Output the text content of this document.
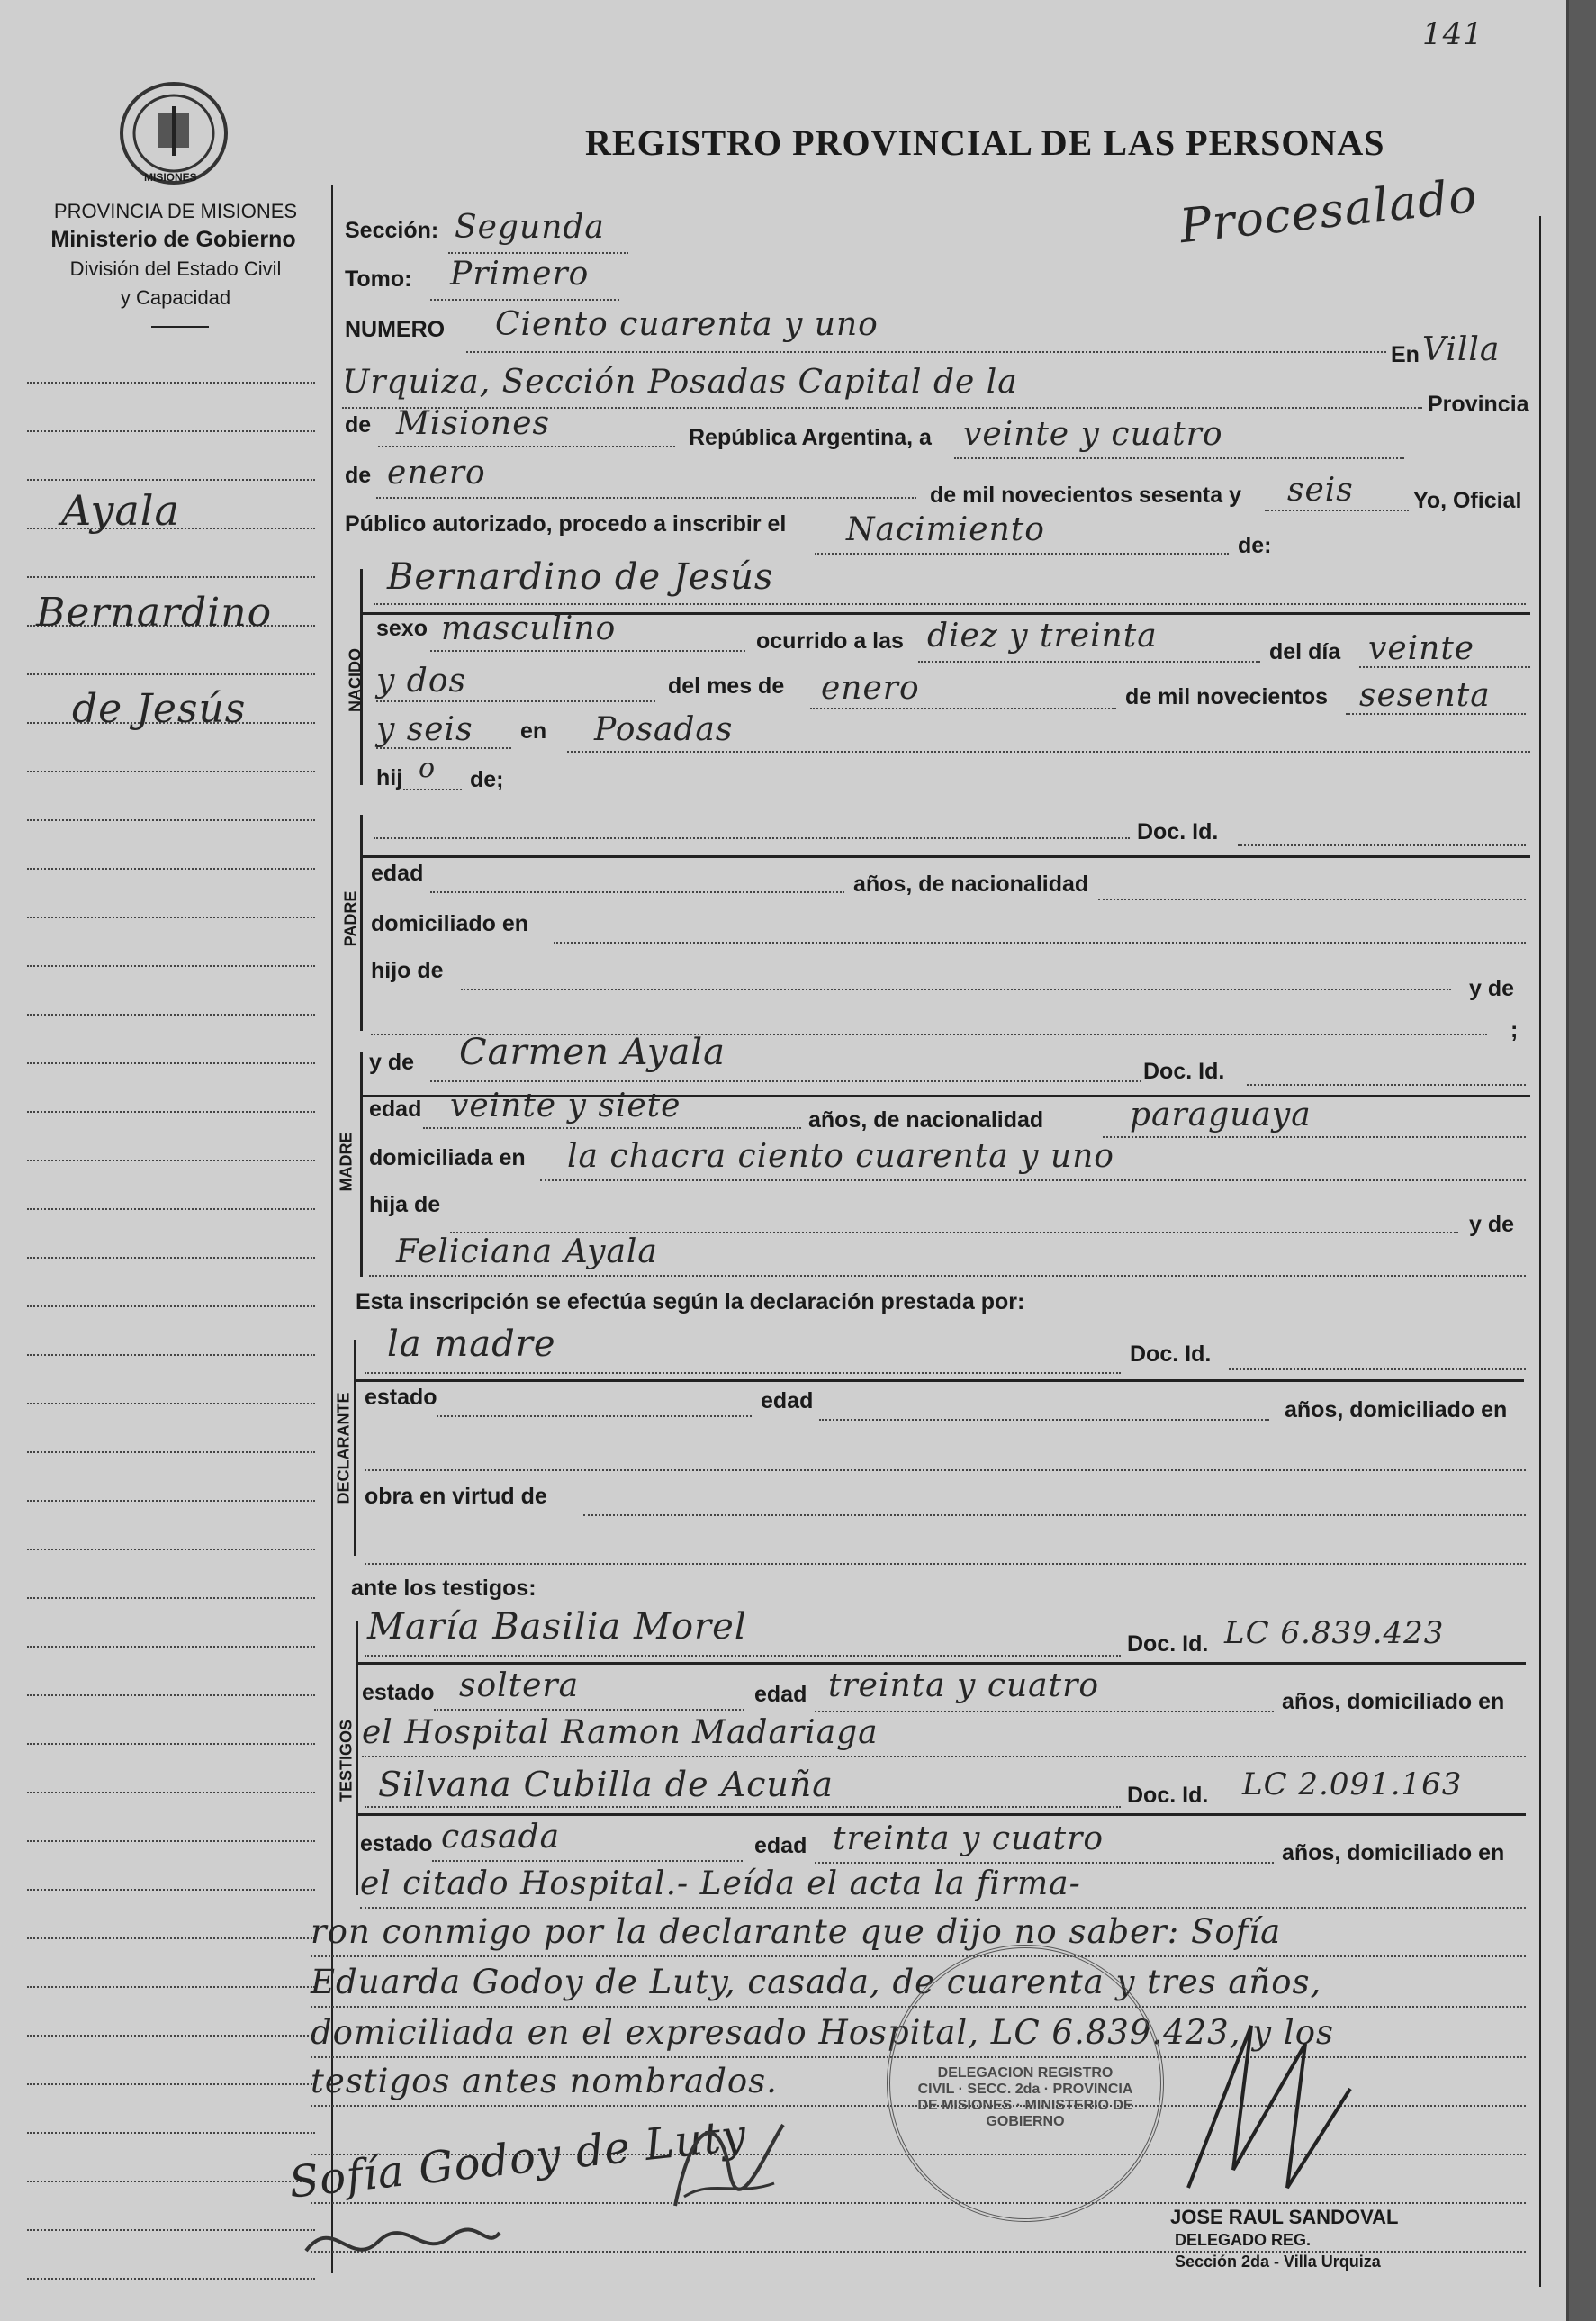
141
MISIONES
PROVINCIA DE MISIONES
Ministerio de Gobierno
División del Estado Civil
y Capacidad
REGISTRO PROVINCIAL DE LAS PERSONAS
Procesalado
Ayala
Bernardino
de Jesús
Sección: Segunda
Tomo: Primero
NUMERO Ciento cuarenta y uno
En Villa
Urquiza, Sección Posadas Capital de la
Provincia
de Misiones	República Argentina, a veinte y cuatro
de enero
de mil novecientos sesenta y seis	Yo, Oficial
Público autorizado, procedo a inscribir el Nacimiento	de:
NACIDO
Bernardino de Jesús
sexo masculino	ocurrido a las diez y treinta	del día veinte
y dos	del mes de enero	de mil novecientos sesenta
y seis en Posadas
hij o de;
PADRE
Doc. Id.
edad	años, de nacionalidad
domiciliado en
hijo de
y de
;
MADRE
y de Carmen Ayala	Doc. Id.
edad veinte y siete	años, de nacionalidad	paraguaya
domiciliada en la chacra ciento cuarenta y uno
hija de
y de
Feliciana Ayala
Esta inscripción se efectúa según la declaración prestada por:
DECLARANTE
la madre	Doc. Id.
estado	edad	años, domiciliado en
obra en virtud de
ante los testigos:
TESTIGOS
María Basilia Morel	Doc. Id. LC 6.839.423
estado soltera	edad treinta y cuatro	años, domiciliado en
el Hospital Ramon Madariaga
Silvana Cubilla de Acuña	Doc. Id. LC 2.091.163
estado casada	edad treinta y cuatro	años, domiciliado en
el citado Hospital.- Leída el acta la firma-
ron conmigo por la declarante que dijo no saber: Sofía
Eduarda Godoy de Luty, casada, de cuarenta y tres años,
domiciliada en el expresado Hospital, LC 6.839.423, y los
testigos antes nombrados.
Sofía Godoy de Luty
DELEGACION REGISTRO CIVIL · SECC. 2da · PROVINCIA DE MISIONES · MINISTERIO DE GOBIERNO
JOSE RAUL SANDOVAL
DELEGADO REG.
Sección 2da - Villa Urquiza
